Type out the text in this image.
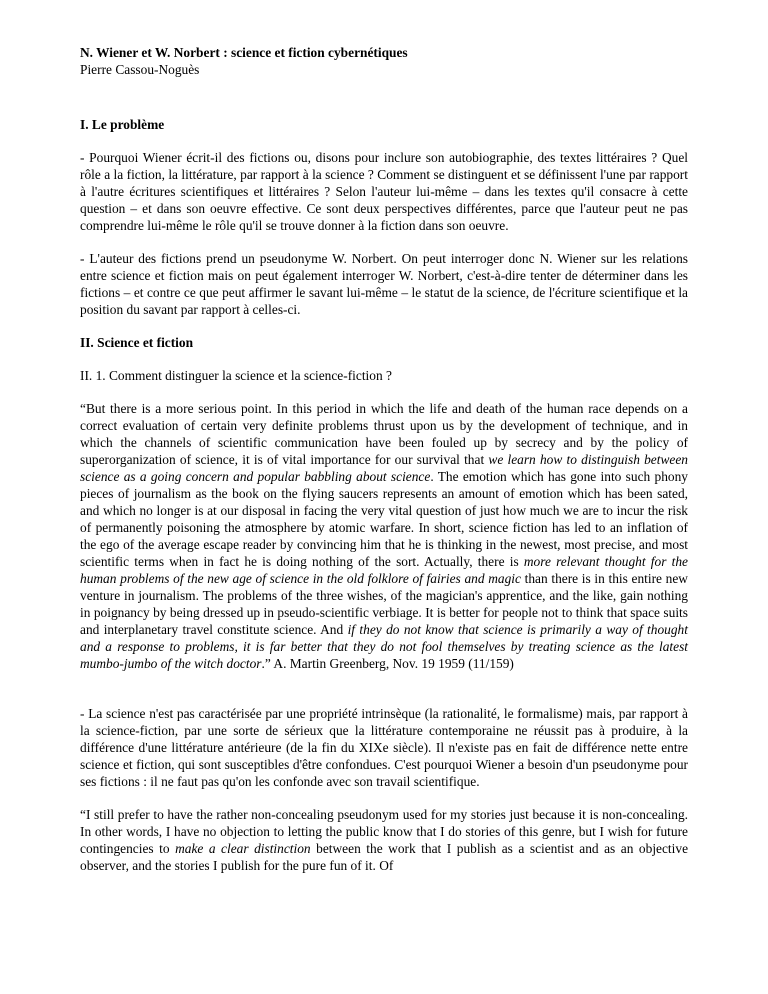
N. Wiener et W. Norbert : science et fiction cybernétiques
Pierre Cassou-Noguès
I. Le problème

- Pourquoi Wiener écrit-il des fictions ou, disons pour inclure son autobiographie, des textes littéraires ? Quel rôle a la fiction, la littérature, par rapport à la science ? Comment se distinguent et se définissent l'une par rapport à l'autre écritures scientifiques et littéraires ? Selon l'auteur lui-même – dans les textes qu'il consacre à cette question – et dans son oeuvre effective. Ce sont deux perspectives différentes, parce que l'auteur peut ne pas comprendre lui-même le rôle qu'il se trouve donner à la fiction dans son oeuvre.

- L'auteur des fictions prend un pseudonyme W. Norbert. On peut interroger donc N. Wiener sur les relations entre science et fiction mais on peut également interroger W. Norbert, c'est-à-dire tenter de déterminer dans les fictions – et contre ce que peut affirmer le savant lui-même – le statut de la science, de l'écriture scientifique et la position du savant par rapport à celles-ci.

II. Science et fiction

II. 1. Comment distinguer la science et la science-fiction ?

“But there is a more serious point. In this period in which the life and death of the human race depends on a correct evaluation of certain very definite problems thrust upon us by the development of technique, and in which the channels of scientific communication have been fouled up by secrecy and by the policy of superorganization of science, it is of vital importance for our survival that we learn how to distinguish between science as a going concern and popular babbling about science. The emotion which has gone into such phony pieces of journalism as the book on the flying saucers represents an amount of emotion which has been sated, and which no longer is at our disposal in facing the very vital question of just how much we are to incur the risk of permanently poisoning the atmosphere by atomic warfare. In short, science fiction has led to an inflation of the ego of the average escape reader by convincing him that he is thinking in the newest, most precise, and most scientific terms when in fact he is doing nothing of the sort. Actually, there is more relevant thought for the human problems of the new age of science in the old folklore of fairies and magic than there is in this entire new venture in journalism. The problems of the three wishes, of the magician's apprentice, and the like, gain nothing in poignancy by being dressed up in pseudo-scientific verbiage. It is better for people not to think that space suits and interplanetary travel constitute science. And if they do not know that science is primarily a way of thought and a response to problems, it is far better that they do not fool themselves by treating science as the latest mumbo-jumbo of the witch doctor.” A. Martin Greenberg, Nov. 19 1959 (11/159)

- La science n'est pas caractérisée par une propriété intrinsèque (la rationalité, le formalisme) mais, par rapport à la science-fiction, par une sorte de sérieux que la littérature contemporaine ne réussit pas à produire, à la différence d'une littérature antérieure (de la fin du XIXe siècle). Il n'existe pas en fait de différence nette entre science et fiction, qui sont susceptibles d'être confondues. C'est pourquoi Wiener a besoin d'un pseudonyme pour ses fictions : il ne faut pas qu'on les confonde avec son travail scientifique.

“I still prefer to have the rather non-concealing pseudonym used for my stories just because it is non-concealing. In other words, I have no objection to letting the public know that I do stories of this genre, but I wish for future contingencies to make a clear distinction between the work that I publish as a scientist and as an objective observer, and the stories I publish for the pure fun of it. Of
